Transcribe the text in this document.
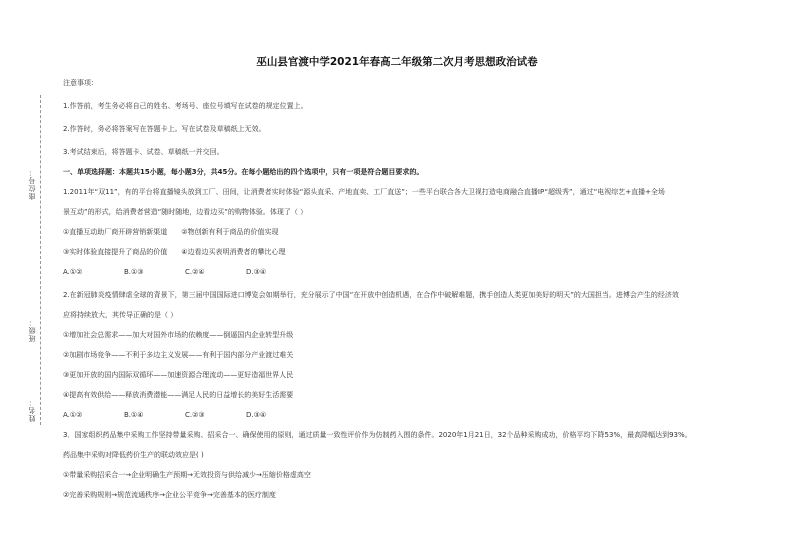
座位号：
班级：
姓名：
巫山县官渡中学2021年春高二年级第二次月考思想政治试卷

注意事项：

1.作答前，考生务必将自己的姓名、考场号、座位号填写在试卷的规定位置上。

2.作答时，务必将答案写在答题卡上。写在试卷及草稿纸上无效。

3.考试结束后，将答题卡、试卷、草稿纸一并交回。

一、单项选择题：本题共15小题，每小题3分，共45分。在每小题给出的四个选项中，只有一项是符合题目要求的。

1.2011年“双11”，有的平台将直播镜头放到工厂、田间，让消费者实时体验“源头直采、产地直卖、工厂直送”；一些平台联合各大卫视打造电商融合直播IP“超级秀”，通过“电视综艺+直播+全场

景互动”的形式，给消费者营造“随时随地，边看边买”的购物体验。体现了（ ）

①直播互动助厂商开辟营销新渠道　　②物创新有利于商品的价值实现

③实时体验直接提升了商品的价值　　④边看边买表明消费者的攀比心理

A.①②	B.①③	C.②④	D.③④

2.在新冠肺炎疫情肆虐全球的背景下，第三届中国国际进口博览会如期举行，充分展示了中国“在开放中创造机遇，在合作中破解难题，携手创造人类更加美好的明天”的大国担当。进博会产生的经济效

应将持续放大，其传导正确的是（ ）

①增加社会总需求——加大对国外市场的依赖度——倒逼国内企业转型升级

②加剧市场竞争——不利于多边主义发展——有利于国内部分产业渡过难关

③更加开放的国内国际双循环——加速资源合理流动——更好造福世界人民

④提高有效供给——释放消费潜能——满足人民的日益增长的美好生活需要

A.①②	B.①④	C.②③	D.③④

3．国家组织药品集中采购工作坚持带量采购、招采合一、确保使用的原则，通过质量一致性评价作为仿制药入围的条件。2020年1月21日，32个品种采购成功，价格平均下降53%，最高降幅达到93%。

药品集中采购对降低药价生产的联动效应是( )

①带量采购招采合一→企业明确生产预期→无效投资与供给减少→压缩价格虚高空

②完善采购规则→规范流通秩序→企业公平竞争→完善基本的医疗制度
